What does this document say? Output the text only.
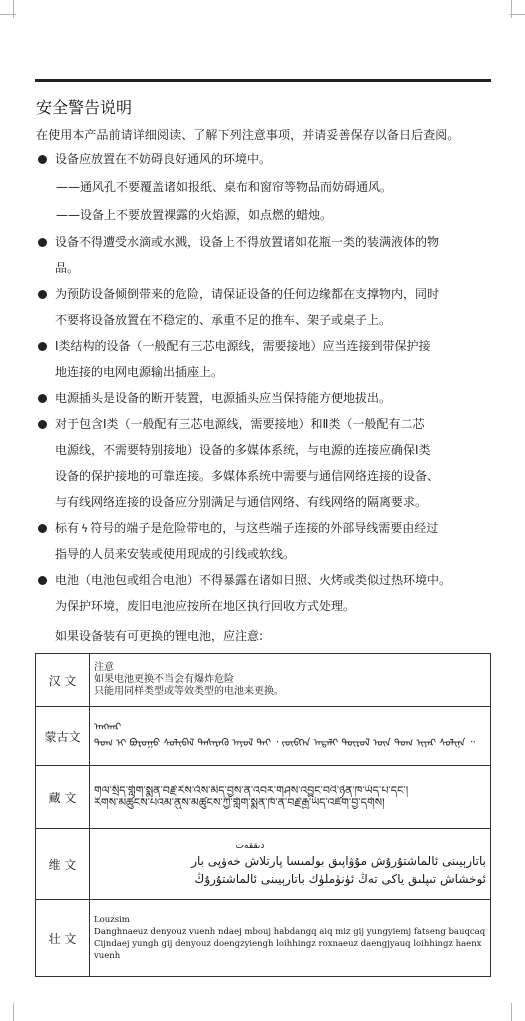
安全警告说明
在使用本产品前请详细阅读、了解下列注意事项，并请妥善保存以备日后查阅。
设备应放置在不妨碍良好通风的环境中。
——通风孔不要覆盖诸如报纸、桌布和窗帘等物品而妨碍通风。
——设备上不要放置裸露的火焰源，如点燃的蜡烛。
设备不得遭受水滴或水溅，设备上不得放置诸如花瓶一类的装满液体的物
品。
为预防设备倾倒带来的危险，请保证设备的任何边缘都在支撑物内，同时
不要将设备放置在不稳定的、承重不足的推车、架子或桌子上。
Ⅰ类结构的设备（一般配有三芯电源线，需要接地）应当连接到带保护接
地连接的电网电源输出插座上。
电源插头是设备的断开装置，电源插头应当保持能方便地拔出。
对于包含Ⅰ类（一般配有三芯电源线，需要接地）和Ⅱ类（一般配有二芯
电源线，不需要特别接地）设备的多媒体系统，与电源的连接应确保Ⅰ类
设备的保护接地的可靠连接。多媒体系统中需要与通信网络连接的设备、
与有线网络连接的设备应分别满足与通信网络、有线网络的隔离要求。
标有 ϟ 符号的端子是危险带电的，与这些端子连接的外部导线需要由经过
指导的人员来安装或使用现成的引线或软线。
电池（电池包或组合电池）不得暴露在诸如日照、火烤或类似过热环境中。
为保护环境，废旧电池应按所在地区执行回收方式处理。
如果设备装有可更换的锂电池，应注意:
汉 文	注意
如果电池更换不当会有爆炸危险
只能用同样类型或等效类型的电池来更换。

蒙古文	ᠠᠩᠬᠠᠷ
ᠲᠤᠭ ᠢ ᠪᠤᠷᠤᠭᠤ ᠰᠣᠯᠢᠪᠠᠯ ᠲᠡᠰᠡᠷᠡᠬᠦ ᠠᠶᠤᠯ ᠲᠠᠢ ᠂ ᠵᠥᠪᠬᠡᠨ ᠠᠳᠠᠯᠢ ᠲᠦᠷᠦᠯ ᠦᠨ ᠲᠤᠭ ᠢᠶᠠᠷ ᠰᠣᠯᠢᠨᠠ ᠃

藏 文	གལ་སྲིད་གློག་སྨན་བརྗེ་རེས་འོས་མེད་བྱས་ན་འབར་གཤས་འབྱུང་བའི་ཉེན་ཁ་ཡོད་པ་དང་།
རིགས་མཚུངས་པའམ་ནུས་མཚུངས་ཀྱི་གློག་སྨན་ཁོ་ན་བརྗེ་རྒྱ་ཡོད་འཛོག་བྱ་དགོས།

维 文	دىققەت
باتارېيىنى ئالماشتۇرۇش مۇۋاپىق بولمىسا پارتلاش خەۋپى بار
ئوخشاش تىپلىق ياكى تەڭ ئۈنۈملۈك باتارېيىنى ئالماشتۇرۇڭ

壮 文	Louzsim
Danghnaeuz denyouz vuenh ndaej mbouj habdangq aiq miz gij yungyiemj fatseng bauqcaq
Cijndaej yungh gij denyouz doengzyiengh loihhingz roxnaeuz daengjyauq loihhingz haenx vuenh
